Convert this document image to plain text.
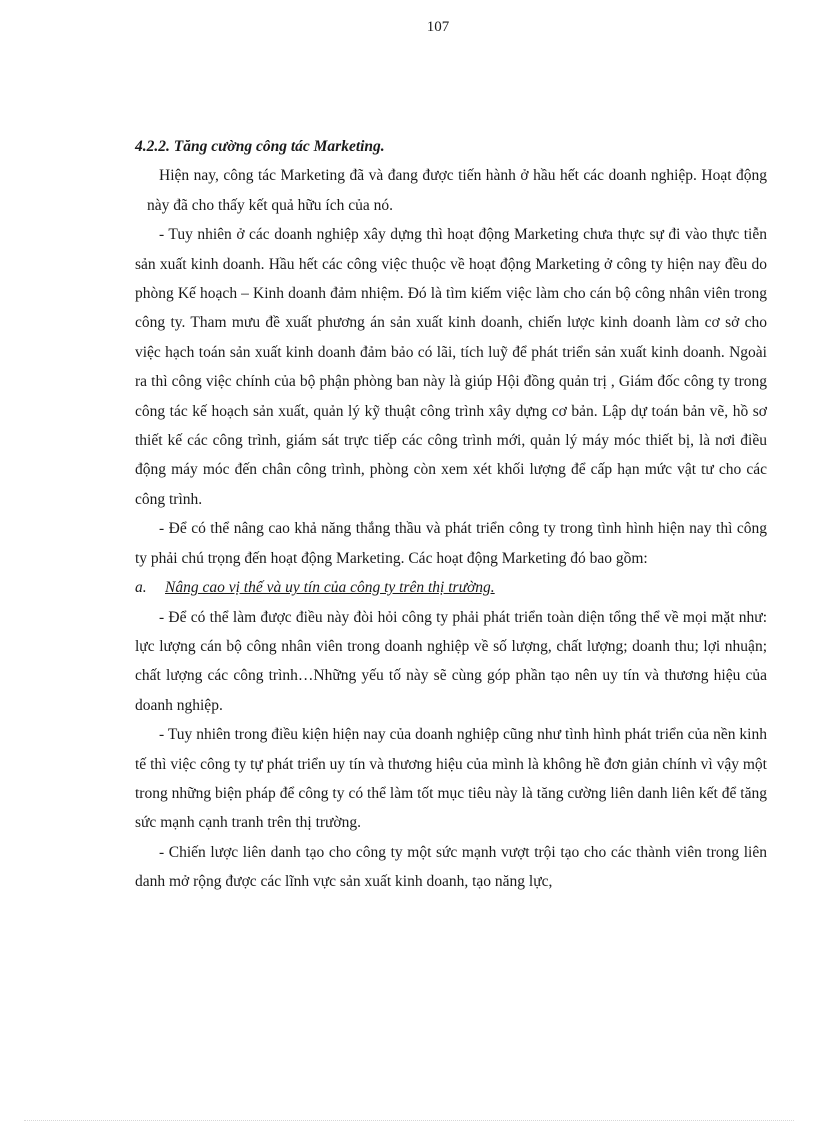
107

4.2.2. Tăng cường công tác Marketing.

Hiện nay, công tác Marketing đã và đang được tiến hành ở hầu hết các doanh nghiệp. Hoạt động này đã cho thấy kết quả hữu ích của nó.

- Tuy nhiên ở các doanh nghiệp xây dựng thì hoạt động Marketing chưa thực sự đi vào thực tiễn sản xuất kinh doanh. Hầu hết các công việc thuộc về hoạt động Marketing ở công ty hiện nay đều do phòng Kế hoạch – Kinh doanh đảm nhiệm. Đó là tìm kiếm việc làm cho cán bộ công nhân viên trong công ty. Tham mưu đề xuất phương án sản xuất kinh doanh, chiến lược kinh doanh làm cơ sở cho việc hạch toán sản xuất kinh doanh đảm bảo có lãi, tích luỹ để phát triển sản xuất kinh doanh. Ngoài ra thì công việc chính của bộ phận phòng ban này là giúp Hội đồng quản trị , Giám đốc công ty trong công tác kế hoạch sản xuất, quản lý kỹ thuật công trình xây dựng cơ bản. Lập dự toán bản vẽ, hồ sơ thiết kế các công trình, giám sát trực tiếp các công trình mới, quản lý máy móc thiết bị, là nơi điều động máy móc đến chân công trình, phòng còn xem xét khối lượng để cấp hạn mức vật tư cho các công trình.

- Để có thể nâng cao khả năng thắng thầu và phát triển công ty trong tình hình hiện nay thì công ty phải chú trọng đến hoạt động Marketing. Các hoạt động Marketing đó bao gồm:

a.	Nâng cao vị thế và uy tín của công ty trên thị trường.

- Để có thể làm được điều này đòi hỏi công ty phải phát triển toàn diện tổng thể về mọi mặt như: lực lượng cán bộ công nhân viên trong doanh nghiệp về số lượng, chất lượng; doanh thu; lợi nhuận; chất lượng các công trình…Những yếu tố này sẽ cùng góp phần tạo nên uy tín và thương hiệu của doanh nghiệp.

- Tuy nhiên trong điều kiện hiện nay của doanh nghiệp cũng như tình hình phát triển của nền kinh tế thì việc công ty tự phát triển uy tín và thương hiệu của mình là không hề đơn giản chính vì vậy một trong những biện pháp để công ty có thể làm tốt mục tiêu này là tăng cường liên danh liên kết để tăng sức mạnh cạnh tranh trên thị trường.

- Chiến lược liên danh tạo cho công ty một sức mạnh vượt trội tạo cho các thành viên trong liên danh mở rộng được các lĩnh vực sản xuất kinh doanh, tạo năng lực,
